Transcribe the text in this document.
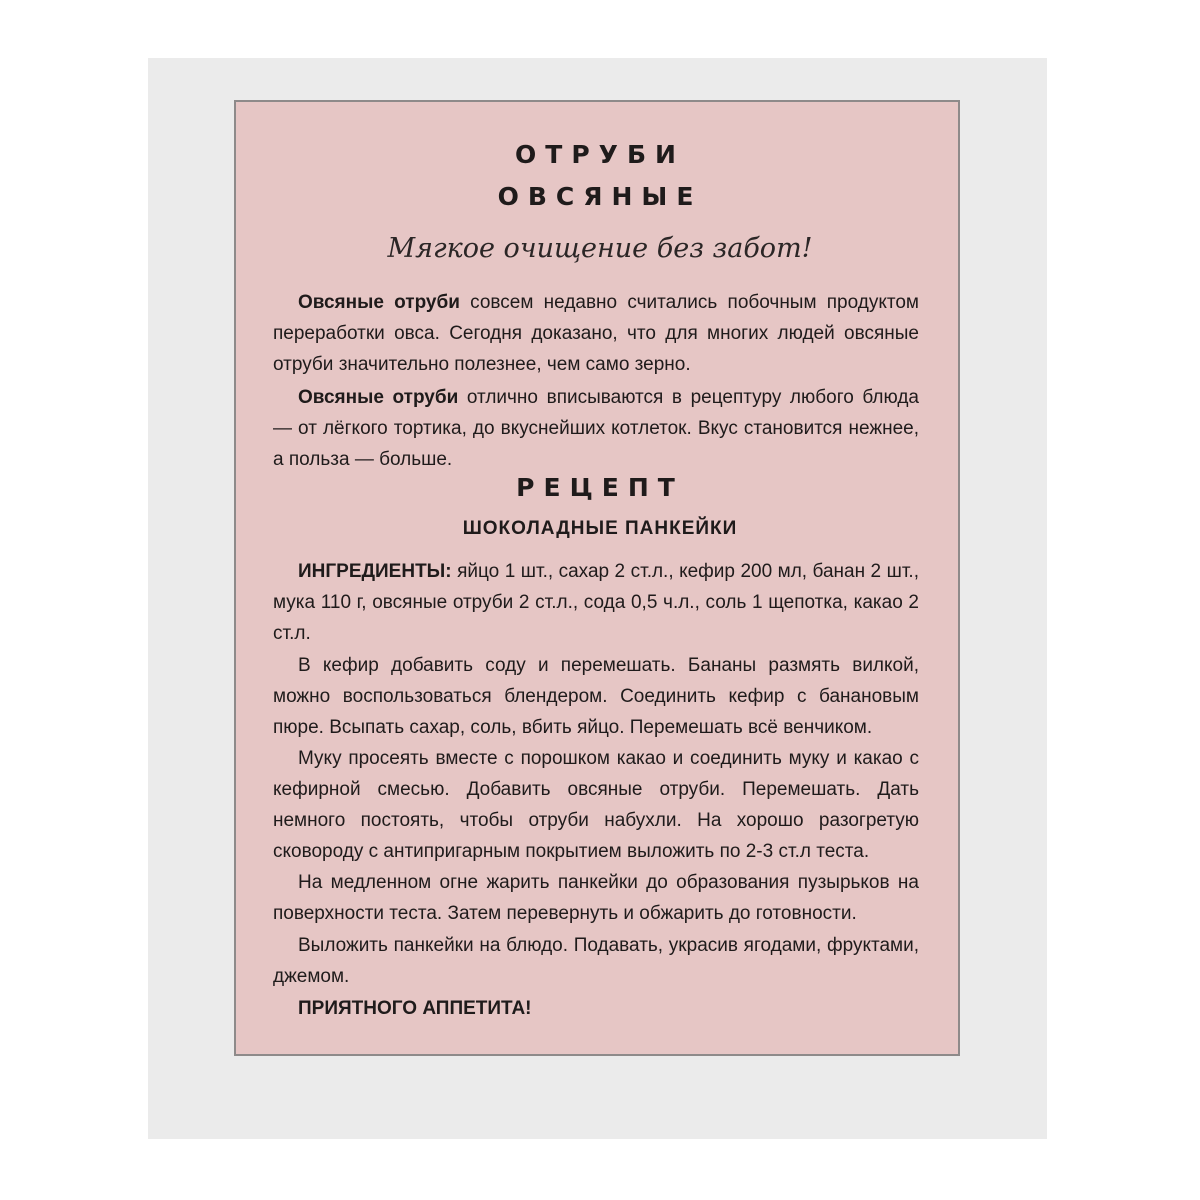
ОТРУБИ
ОВСЯНЫЕ
Мягкое очищение без забот!

Овсяные отруби совсем недавно считались побочным продуктом переработки овса. Сегодня доказано, что для многих людей овсяные отруби значительно полезнее, чем само зерно.

Овсяные отруби отлично вписываются в рецептуру любого блюда — от лёгкого тортика, до вкуснейших котлеток. Вкус становится нежнее, а польза — больше.

РЕЦЕПТ
ШОКОЛАДНЫЕ ПАНКЕЙКИ

ИНГРЕДИЕНТЫ: яйцо 1 шт., сахар 2 ст.л., кефир 200 мл, банан 2 шт., мука 110 г, овсяные отруби 2 ст.л., сода 0,5 ч.л., соль 1 щепотка, какао 2 ст.л.

В кефир добавить соду и перемешать. Бананы размять вилкой, можно воспользоваться блендером. Соединить кефир с банановым пюре. Всыпать сахар, соль, вбить яйцо. Перемешать всё венчиком.

Муку просеять вместе с порошком какао и соединить муку и какао с кефирной смесью. Добавить овсяные отруби. Перемешать. Дать немного постоять, чтобы отруби набухли. На хорошо разогретую сковороду с антипригарным покрытием выложить по 2-3 ст.л теста.

На медленном огне жарить панкейки до образования пузырьков на поверхности теста. Затем перевернуть и обжарить до готовности.

Выложить панкейки на блюдо. Подавать, украсив ягодами, фруктами, джемом.

ПРИЯТНОГО АППЕТИТА!
